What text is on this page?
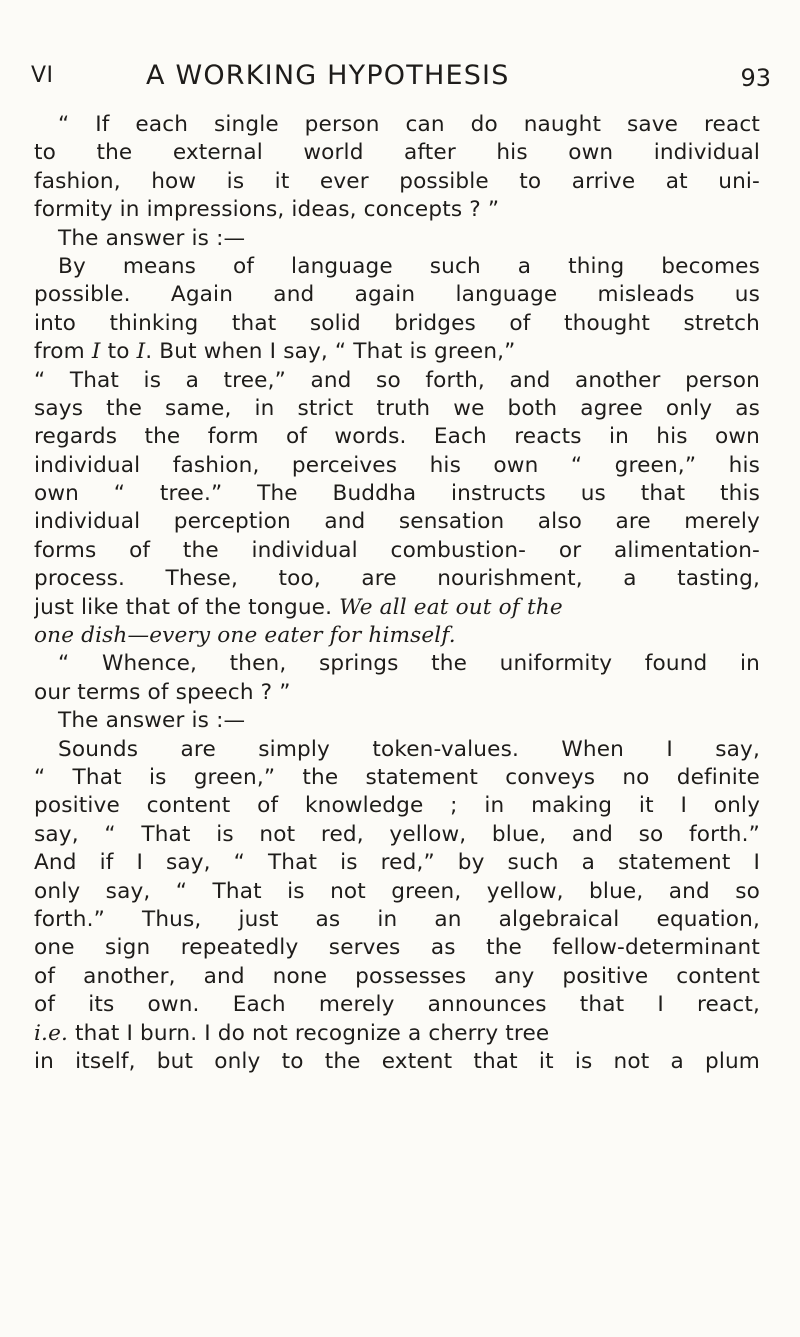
VI	A WORKING HYPOTHESIS	93
“ If each single person can do naught save react
to the external world after his own individual
fashion, how is it ever possible to arrive at uni-
formity in impressions, ideas, concepts ? ”
The answer is :—
By means of language such a thing becomes
possible. Again and again language misleads us
into thinking that solid bridges of thought stretch
from I to I. But when I say, “ That is green,”
“ That is a tree,” and so forth, and another person
says the same, in strict truth we both agree only as
regards the form of words. Each reacts in his own
individual fashion, perceives his own “ green,” his
own “ tree.” The Buddha instructs us that this
individual perception and sensation also are merely
forms of the individual combustion- or alimentation-
process. These, too, are nourishment, a tasting,
just like that of the tongue. We all eat out of the
one dish—every one eater for himself.
“ Whence, then, springs the uniformity found in
our terms of speech ? ”
The answer is :—
Sounds are simply token-values. When I say,
“ That is green,” the statement conveys no definite
positive content of knowledge ; in making it I only
say, “ That is not red, yellow, blue, and so forth.”
And if I say, “ That is red,” by such a statement I
only say, “ That is not green, yellow, blue, and so
forth.” Thus, just as in an algebraical equation,
one sign repeatedly serves as the fellow-determinant
of another, and none possesses any positive content
of its own. Each merely announces that I react,
i.e. that I burn. I do not recognize a cherry tree
in itself, but only to the extent that it is not a plum
